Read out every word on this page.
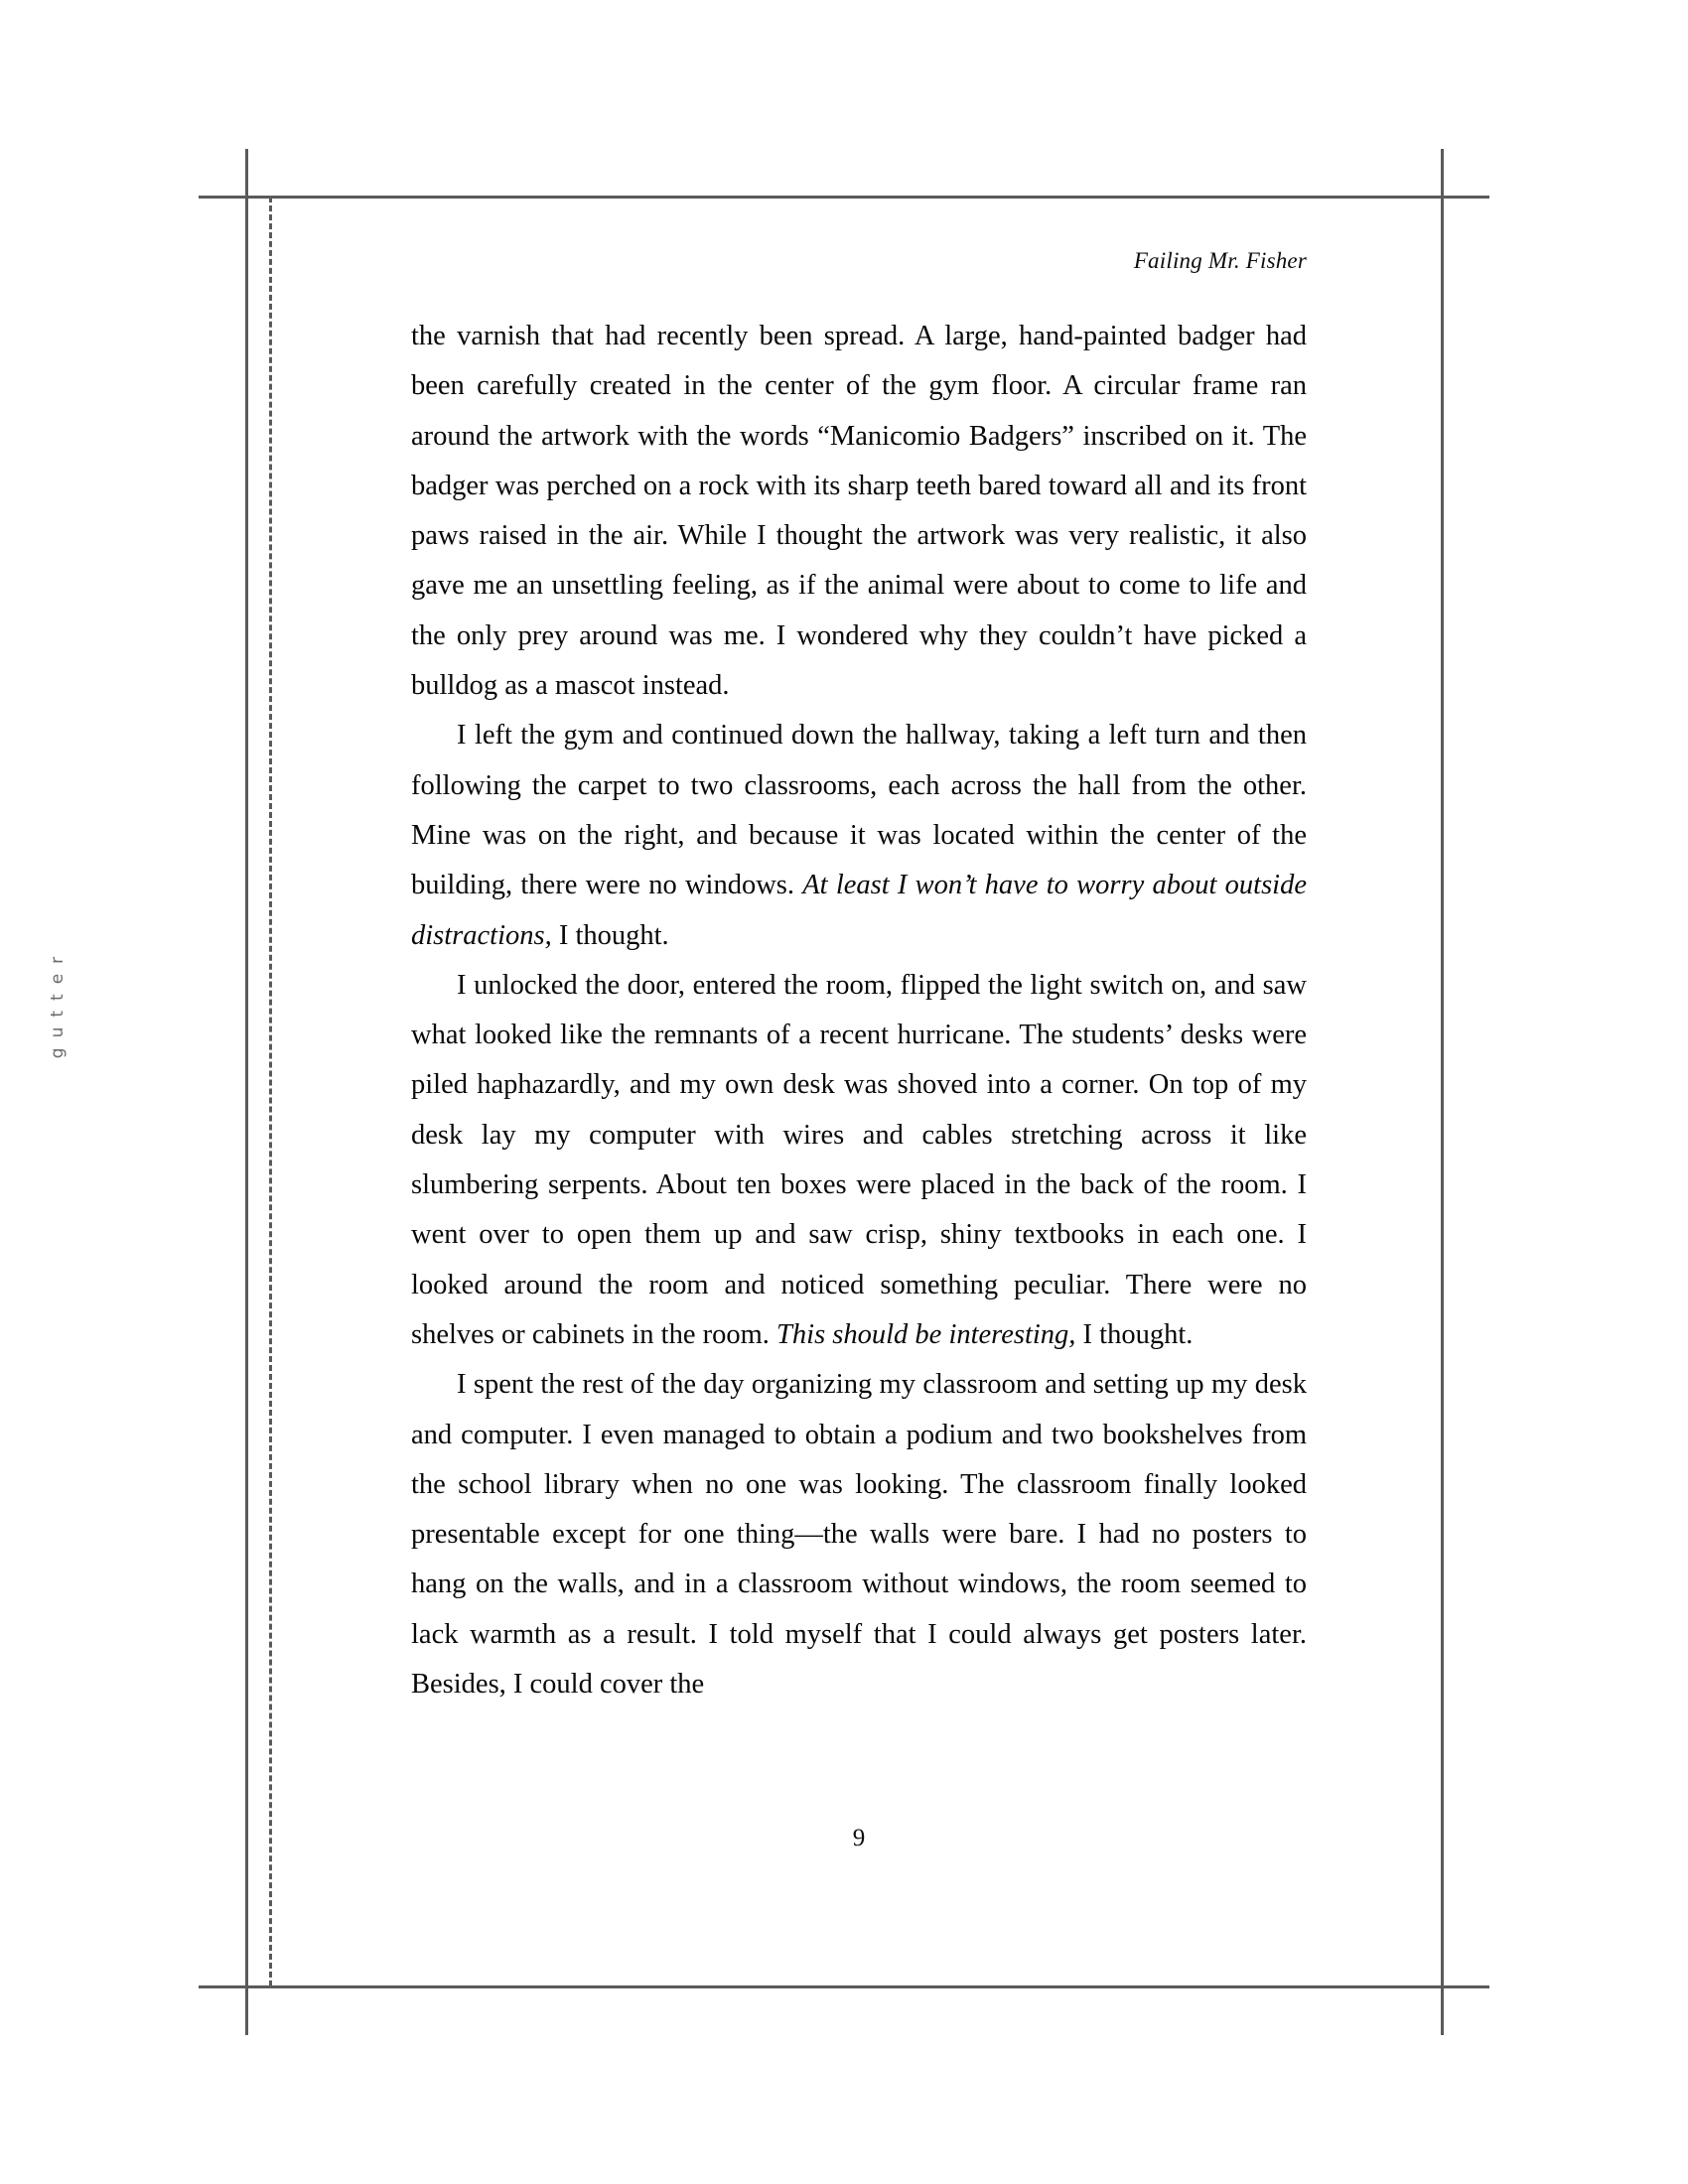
gutter
Failing Mr. Fisher

the varnish that had recently been spread. A large, hand-painted badger had been carefully created in the center of the gym floor. A circular frame ran around the artwork with the words “Manicomio Badgers” inscribed on it. The badger was perched on a rock with its sharp teeth bared toward all and its front paws raised in the air. While I thought the artwork was very realistic, it also gave me an unsettling feeling, as if the animal were about to come to life and the only prey around was me. I wondered why they couldn’t have picked a bulldog as a mascot instead.

I left the gym and continued down the hallway, taking a left turn and then following the carpet to two classrooms, each across the hall from the other. Mine was on the right, and because it was located within the center of the building, there were no windows. At least I won’t have to worry about outside distractions, I thought.

I unlocked the door, entered the room, flipped the light switch on, and saw what looked like the remnants of a recent hurricane. The students’ desks were piled haphazardly, and my own desk was shoved into a corner. On top of my desk lay my computer with wires and cables stretching across it like slumbering serpents. About ten boxes were placed in the back of the room. I went over to open them up and saw crisp, shiny textbooks in each one. I looked around the room and noticed something peculiar. There were no shelves or cabinets in the room. This should be interesting, I thought.

I spent the rest of the day organizing my classroom and setting up my desk and computer. I even managed to obtain a podium and two bookshelves from the school library when no one was looking. The classroom finally looked presentable except for one thing—the walls were bare. I had no posters to hang on the walls, and in a classroom without windows, the room seemed to lack warmth as a result. I told myself that I could always get posters later. Besides, I could cover the

9
